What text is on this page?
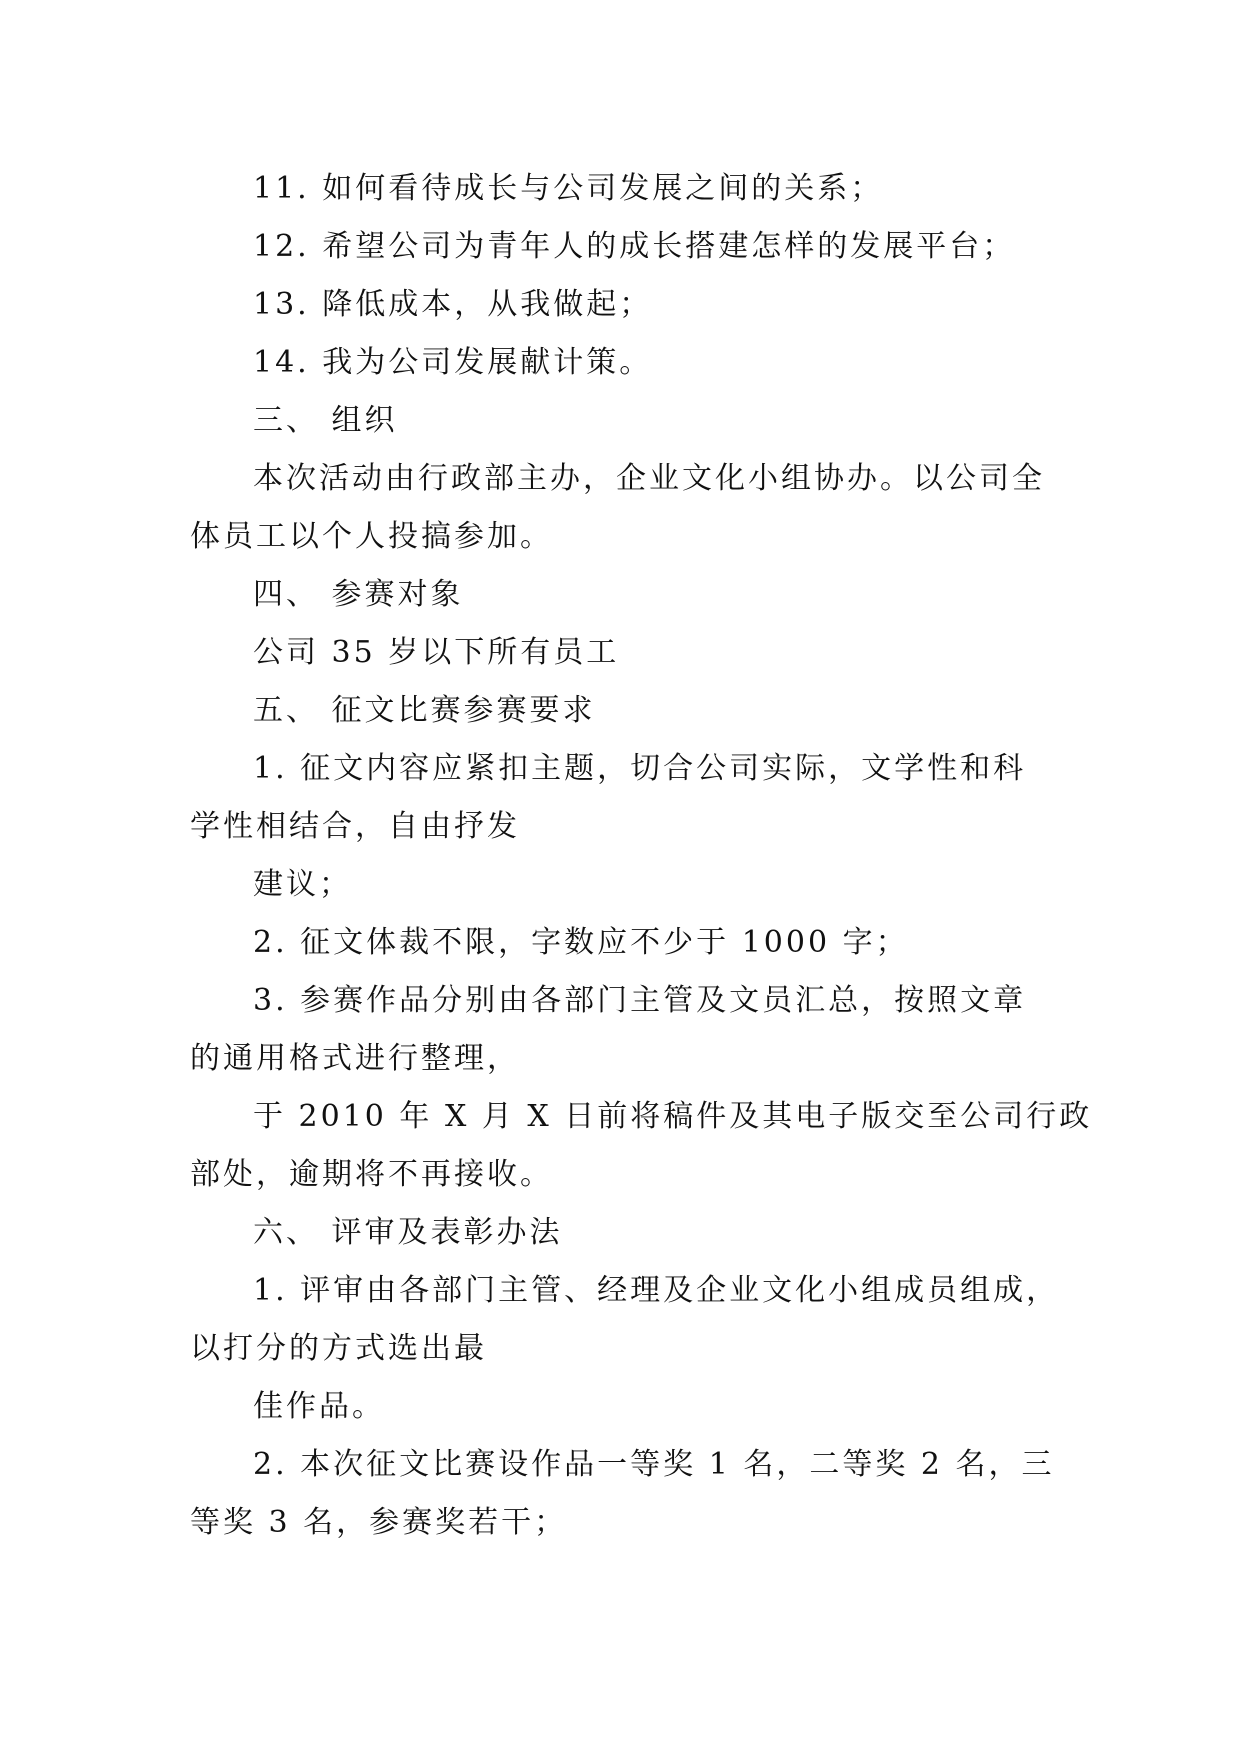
11. 如何看待成长与公司发展之间的关系；
12. 希望公司为青年人的成长搭建怎样的发展平台；
13. 降低成本，从我做起；
14. 我为公司发展献计策。
三、 组织
本次活动由行政部主办，企业文化小组协办。以公司全
体员工以个人投搞参加。
四、 参赛对象
公司 35 岁以下所有员工
五、 征文比赛参赛要求
1. 征文内容应紧扣主题，切合公司实际，文学性和科
学性相结合，自由抒发
建议；
2. 征文体裁不限，字数应不少于 1000 字；
3. 参赛作品分别由各部门主管及文员汇总，按照文章
的通用格式进行整理，
于 2010 年 X 月 X 日前将稿件及其电子版交至公司行政
部处，逾期将不再接收。
六、 评审及表彰办法
1. 评审由各部门主管、经理及企业文化小组成员组成，
以打分的方式选出最
佳作品。
2. 本次征文比赛设作品一等奖 1 名，二等奖 2 名，三
等奖 3 名，参赛奖若干；
